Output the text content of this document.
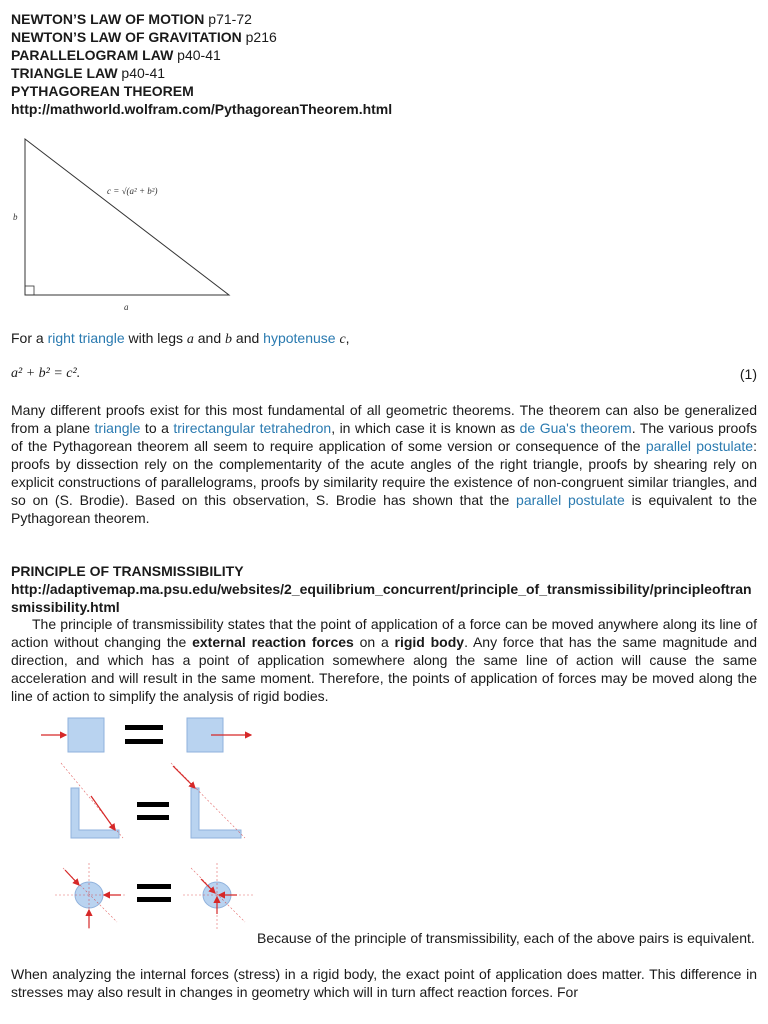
NEWTON’S LAW OF MOTION p71-72
NEWTON’S LAW OF GRAVITATION p216
PARALLELOGRAM LAW p40-41
TRIANGLE LAW p40-41
PYTHAGOREAN THEOREM
http://mathworld.wolfram.com/PythagoreanTheorem.html
b
a
c = √(a² + b²)
For a right triangle with legs a and b and hypotenuse c,
a² + b² = c².	(1)
Many different proofs exist for this most fundamental of all geometric theorems. The theorem can also be generalized from a plane triangle to a trirectangular tetrahedron, in which case it is known as de Gua's theorem. The various proofs of the Pythagorean theorem all seem to require application of some version or consequence of the parallel postulate: proofs by dissection rely on the complementarity of the acute angles of the right triangle, proofs by shearing rely on explicit constructions of parallelograms, proofs by similarity require the existence of non-congruent similar triangles, and so on (S. Brodie). Based on this observation, S. Brodie has shown that the parallel postulate is equivalent to the Pythagorean theorem.
PRINCIPLE OF TRANSMISSIBILITY
http://adaptivemap.ma.psu.edu/websites/2_equilibrium_concurrent/principle_of_transmissibility/principleoftransmissibility.html
The principle of transmissibility states that the point of application of a force can be moved anywhere along its line of action without changing the external reaction forces on a rigid body. Any force that has the same magnitude and direction, and which has a point of application somewhere along the same line of action will cause the same acceleration and will result in the same moment. Therefore, the points of application of forces may be moved along the line of action to simplify the analysis of rigid bodies.
Because of the principle of transmissibility, each of the above pairs is equivalent.
When analyzing the internal forces (stress) in a rigid body, the exact point of application does matter. This difference in stresses may also result in changes in geometry which will in turn affect reaction forces. For
